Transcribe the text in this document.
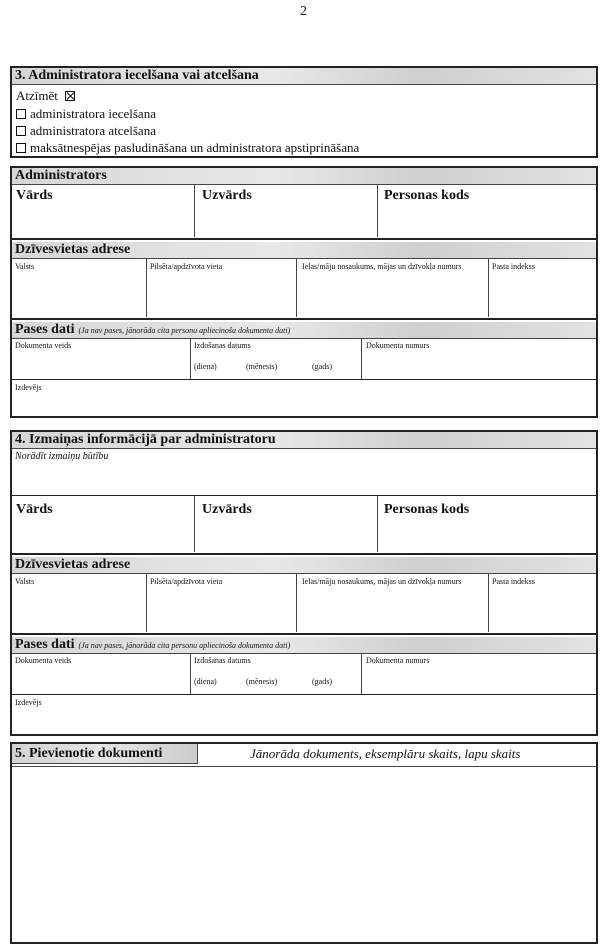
2
3. Administratora iecelšana vai atcelšana
Atzīmēt
administratora iecelšana
administratora atcelšana
maksātnespējas pasludināšana un administratora apstiprināšana
Administrators
Vārds	Uzvārds	Personas kods
Dzīvesvietas adrese
Valsts	Pilsēta/apdzīvota vieta	Ielas/māju nosaukums, mājas un dzīvokļa numurs	Pasta indekss
Pases dati (Ja nav pases, jānorāda cita personu apliecinoša dokumenta dati)
Dokumenta veids	Izdošanas datums
(diena)	(mēnesis)	(gads)
Dokumenta numurs
Izdevējs
4. Izmaiņas informācijā par administratoru
Norādīt izmaiņu būtību
Vārds	Uzvārds	Personas kods
Dzīvesvietas adrese
Valsts	Pilsēta/apdzīvota vieta	Ielas/māju nosaukums, mājas un dzīvokļa numurs	Pasta indekss
Pases dati (Ja nav pases, jānorāda cita personu apliecinoša dokumenta dati)
Dokumenta veids	Izdošanas datums
(diena)	(mēnesis)	(gads)
Dokumenta numurs
Izdevējs
5. Pievienotie dokumenti	Jānorāda dokuments, eksemplāru skaits, lapu skaits
